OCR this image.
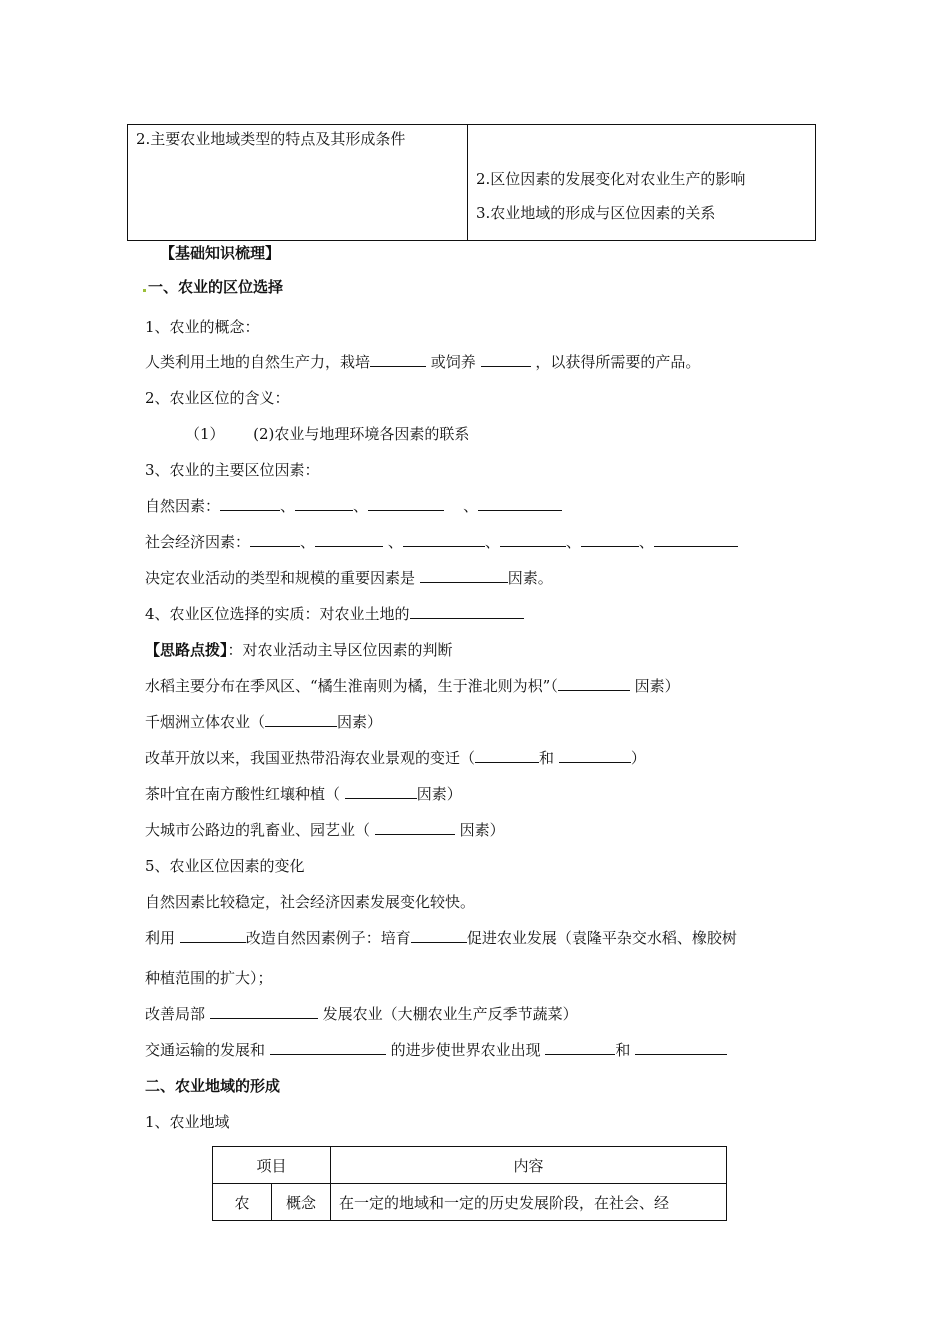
2.主要农业地域类型的特点及其形成条件

2.区位因素的发展变化对农业生产的影响
3.农业地域的形成与区位因素的关系
【基础知识梳理】
一、农业的区位选择
1、农业的概念：
人类利用土地的自然生产力，栽培	或饲养	，以获得所需要的产品。
2、农业区位的含义：
（1）      (2)农业与地理环境各因素的联系
3、农业的主要区位因素：
自然因素：	、	、	、
社会经济因素：	、	、	、	、	、
决定农业活动的类型和规模的重要因素是	因素。
4、农业区位选择的实质：对农业土地的
【思路点拨】：对农业活动主导区位因素的判断
水稻主要分布在季风区、“橘生淮南则为橘，生于淮北则为枳”（	因素）
千烟洲立体农业（	因素）
改革开放以来，我国亚热带沿海农业景观的变迁（	和	）
茶叶宜在南方酸性红壤种植（	因素）
大城市公路边的乳畜业、园艺业（	因素）
5、农业区位因素的变化
自然因素比较稳定，社会经济因素发展变化较快。
利用	改造自然因素例子：培育	促进农业发展（袁隆平杂交水稻、橡胶树
种植范围的扩大）；
改善局部	发展农业（大棚农业生产反季节蔬菜）
交通运输的发展和	的进步使世界农业出现	和
二、农业地域的形成
1、农业地域
项目		内容
农	概念	在一定的地域和一定的历史发展阶段，在社会、经
